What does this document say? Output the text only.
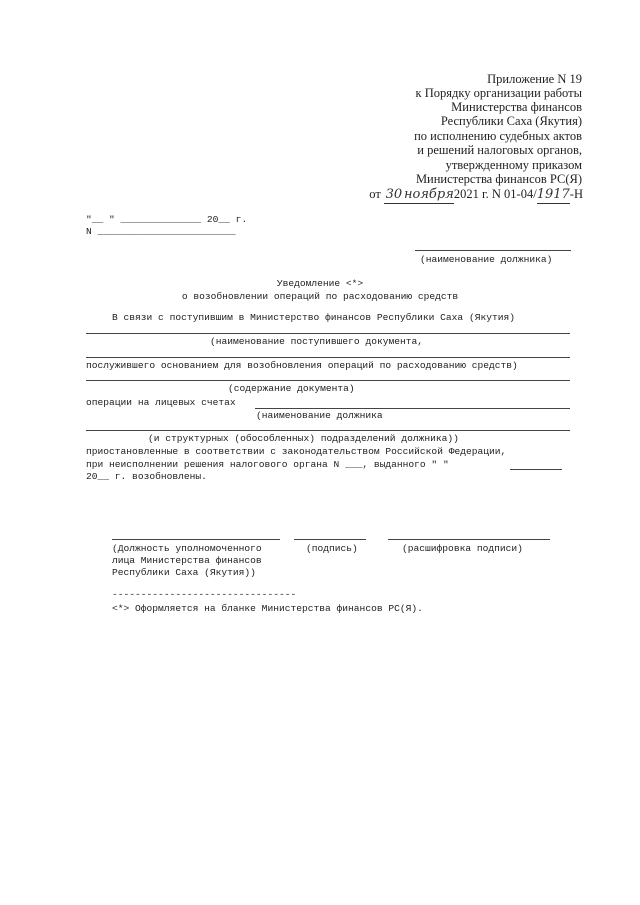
Приложение N 19
к Порядку организации работы
Министерства финансов
Республики Саха (Якутия)
по исполнению судебных актов
и решений налоговых органов,
утвержденному приказом
Министерства финансов РС(Я)
от 30 ноября2021 г. N 01-04/1917-Н
"__ " ______________ 20__ г.
N ________________________
(наименование должника)
Уведомление <*>
о возобновлении операций по расходованию средств
В связи с поступившим в Министерство финансов Республики Саха (Якутия)
(наименование поступившего документа,
послужившего основанием для возобновления операций по расходованию средств)
(содержание документа)
операции на лицевых счетах
(наименование должника
(и структурных (обособленных) подразделений должника))
приостановленные в соответствии с законодательством Российской Федерации,
при неисполнении решения налогового органа N ___, выданного " "
20__ г. возобновлены.
(Должность уполномоченного
лица Министерства финансов
Республики Саха (Якутия))
(подпись)	(расшифровка подписи)
--------------------------------
<*> Оформляется на бланке Министерства финансов РС(Я).
